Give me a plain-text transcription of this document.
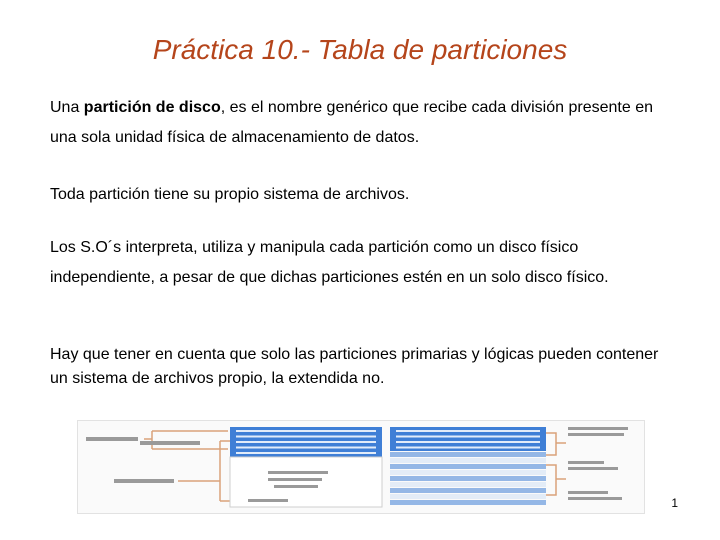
Práctica 10.- Tabla de particiones

Una partición de disco, es el nombre genérico que recibe cada división presente en una sola unidad física de almacenamiento de datos.

Toda partición tiene su propio sistema de archivos.

Los S.O´s interpreta, utiliza y manipula cada partición como un disco físico independiente, a pesar de que dichas particiones estén en un solo disco físico.

Hay que tener en cuenta que solo las particiones primarias y lógicas pueden contener un sistema de archivos propio, la extendida no.

1
